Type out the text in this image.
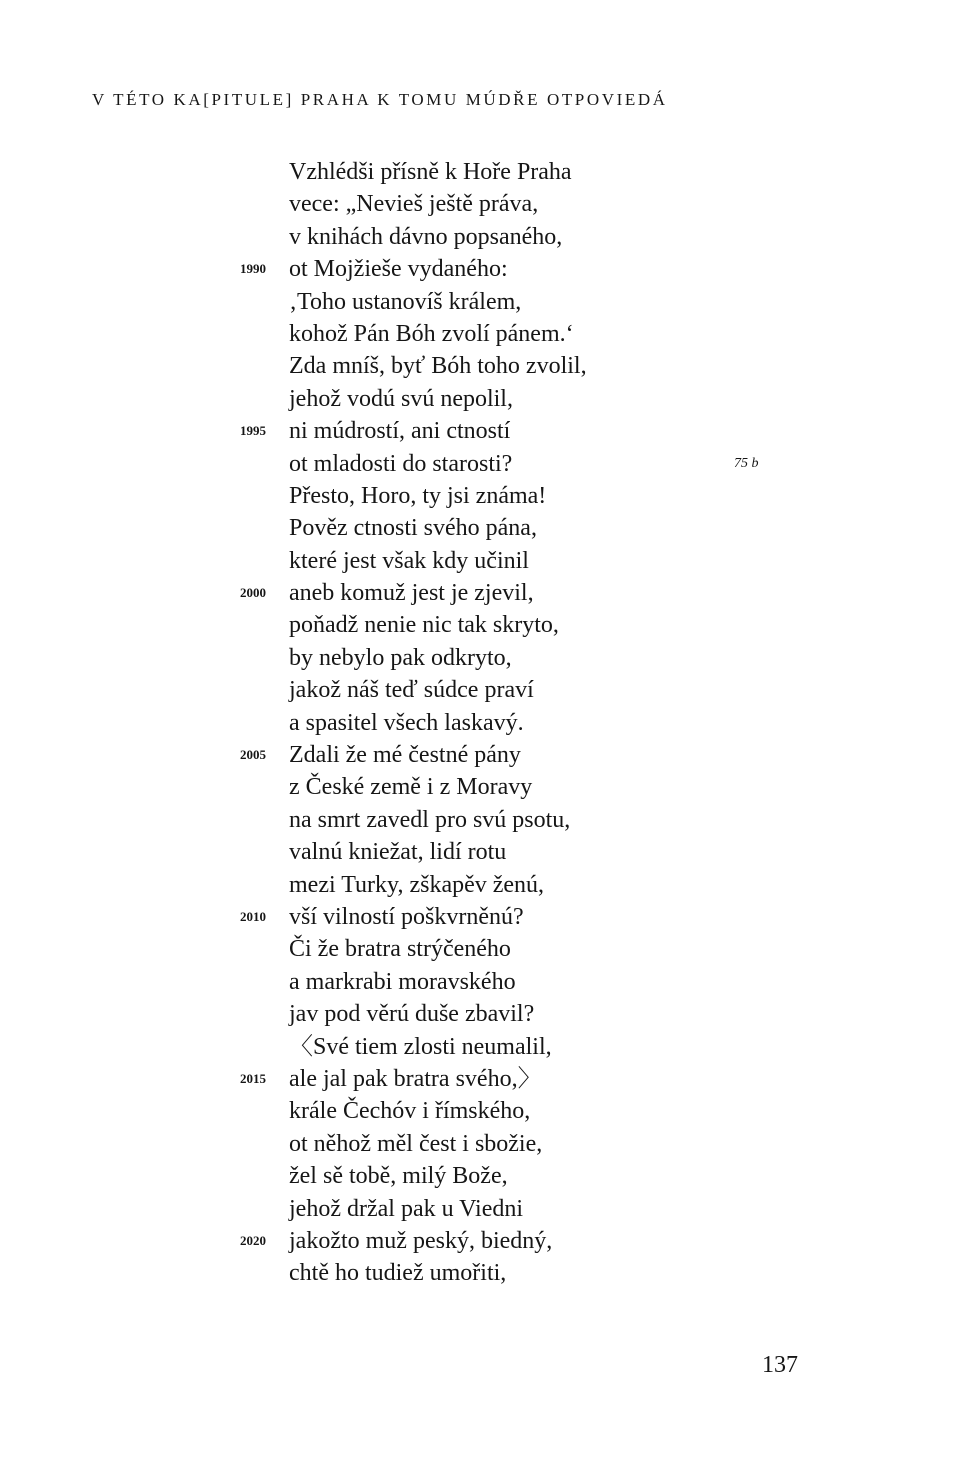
V TÉTO KA[PITULE] PRAHA K TOMU MÚDŘE OTPOVIEDÁ
Vzhlédši přísně k Hoře Praha
vece: „Nevieš ještě práva,
v knihách dávno popsaného,
ot Mojžieše vydaného:
1990
‚Toho ustanovíš králem,
kohož Pán Bóh zvolí pánem.‘
Zda mníš, byť Bóh toho zvolil,
jehož vodú svú nepolil,
ni múdrostí, ani ctností
1995
ot mladosti do starosti?	75 b
Přesto, Horo, ty jsi známa!
Pověz ctnosti svého pána,
které jest však kdy učinil
aneb komuž jest je zjevil,
2000
poňadž nenie nic tak skryto,
by nebylo pak odkryto,
jakož náš teď súdce praví
a spasitel všech laskavý.
Zdali že mé čestné pány
2005
z České země i z Moravy
na smrt zavedl pro svú psotu,
valnú kniežat, lidí rotu
mezi Turky, zškapěv ženú,
vší vilností poškvrněnú?
2010
Či že bratra strýčeného
a markrabi moravského
jav pod věrú duše zbavil?
〈Své tiem zlosti neumalil,
ale jal pak bratra svého,〉
2015
krále Čechóv i římského,
ot něhož měl čest i sbožie,
žel sě tobě, milý Bože,
jehož držal pak u Viedni
jakožto muž peský, biedný,
2020
chtě ho tudiež umořiti,
137
